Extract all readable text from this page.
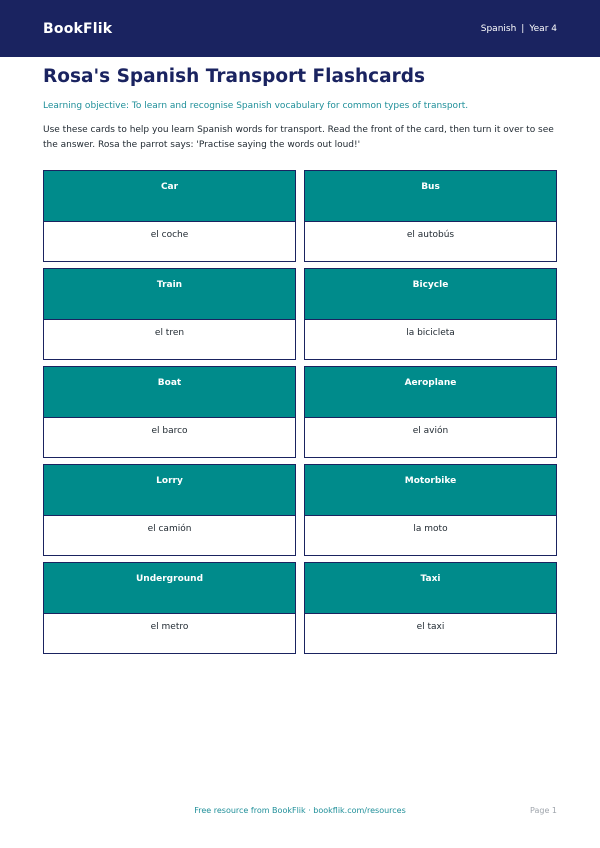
BookFlik	Spanish | Year 4
Rosa's Spanish Transport Flashcards
Learning objective: To learn and recognise Spanish vocabulary for common types of transport.
Use these cards to help you learn Spanish words for transport. Read the front of the card, then turn it over to see the answer. Rosa the parrot says: 'Practise saying the words out loud!'
Car
el coche
Bus
el autobús
Train
el tren
Bicycle
la bicicleta
Boat
el barco
Aeroplane
el avión
Lorry
el camión
Motorbike
la moto
Underground
el metro
Taxi
el taxi
Free resource from BookFlik · bookflik.com/resources	Page 1
